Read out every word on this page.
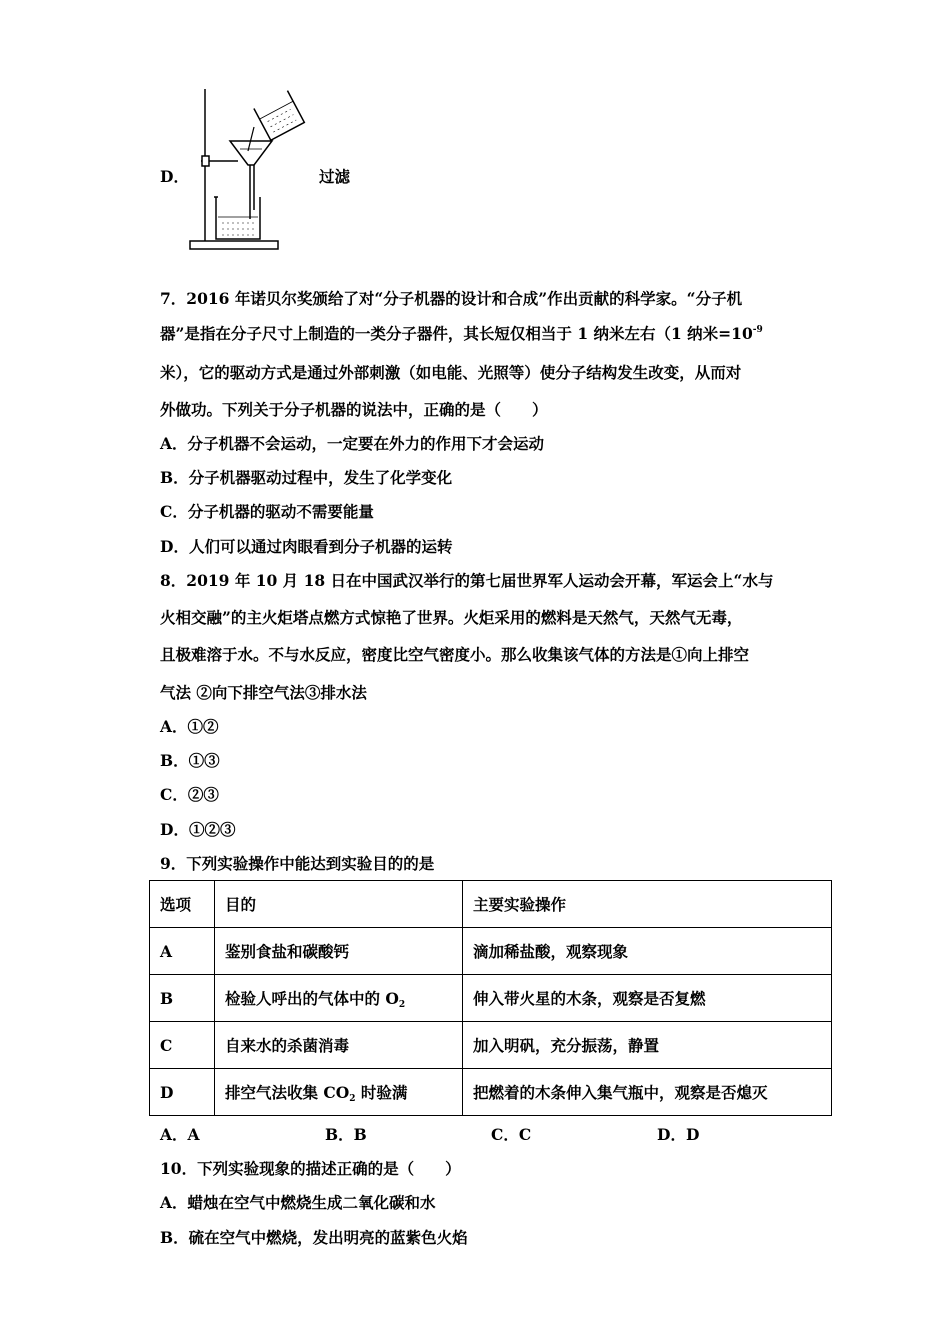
D．	过滤
7．2016 年诺贝尔奖颁给了对“分子机器的设计和合成”作出贡献的科学家。“分子机
器”是指在分子尺寸上制造的一类分子器件，其长短仅相当于 1 纳米左右（1 纳米$=10^{-9}$
米），它的驱动方式是通过外部刺激（如电能、光照等）使分子结构发生改变，从而对
外做功。下列关于分子机器的说法中，正确的是（　　）
A．分子机器不会运动，一定要在外力的作用下才会运动
B．分子机器驱动过程中，发生了化学变化
C．分子机器的驱动不需要能量
D．人们可以通过肉眼看到分子机器的运转
8．2019 年 10 月 18 日在中国武汉举行的第七届世界军人运动会开幕，军运会上“水与
火相交融”的主火炬塔点燃方式惊艳了世界。火炬采用的燃料是天然气，天然气无毒，
且极难溶于水。不与水反应，密度比空气密度小。那么收集该气体的方法是①向上排空
气法 ②向下排空气法③排水法
A．①②
B．①③
C．②③
D．①②③
9．下列实验操作中能达到实验目的的是
选项	目的	主要实验操作
A	鉴别食盐和碳酸钙	滴加稀盐酸，观察现象
B	检验人呼出的气体中的 $O_2$	伸入带火星的木条，观察是否复燃
C	自来水的杀菌消毒	加入明矾，充分振荡，静置
D	排空气法收集 $CO_2$ 时验满	把燃着的木条伸入集气瓶中，观察是否熄灭
A．A	B．B	C．C	D．D
10．下列实验现象的描述正确的是（　　）
A．蜡烛在空气中燃烧生成二氧化碳和水
B．硫在空气中燃烧，发出明亮的蓝紫色火焰
